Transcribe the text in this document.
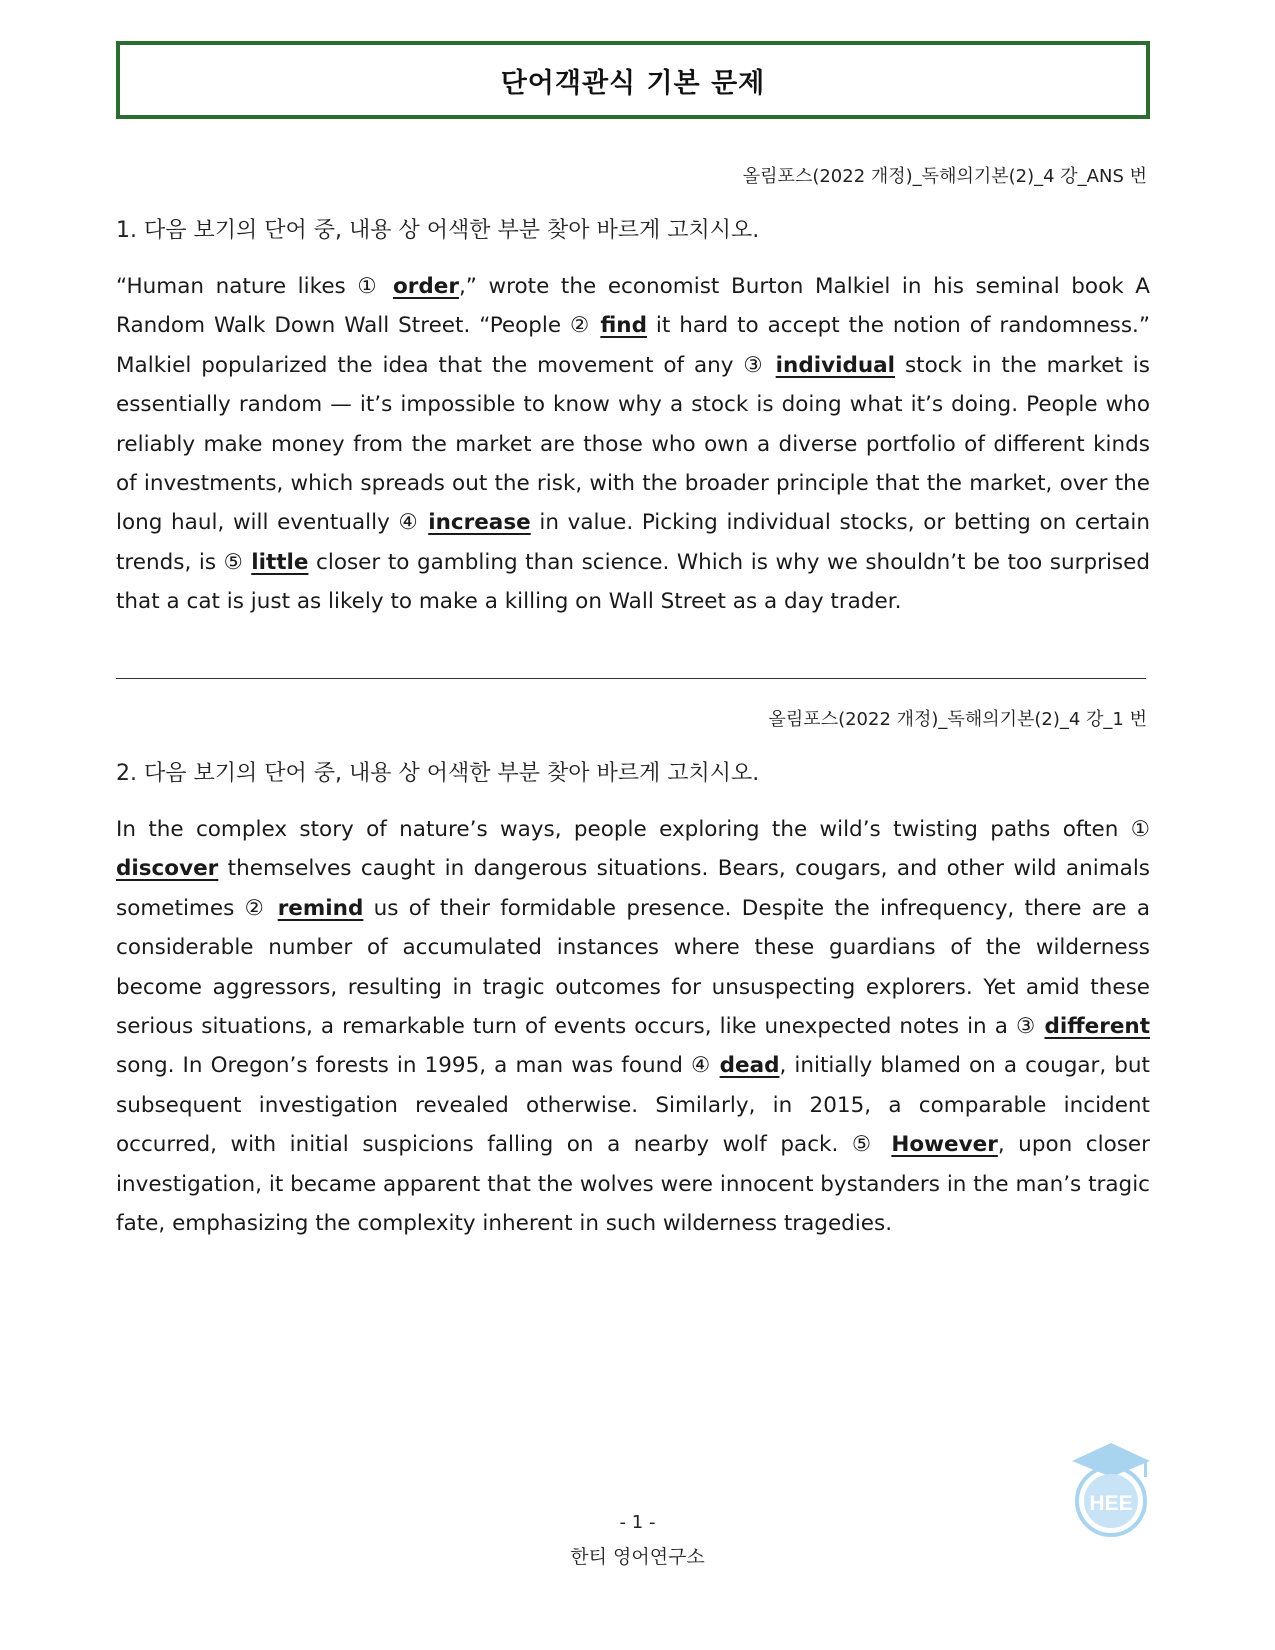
단어객관식 기본 문제
올림포스(2022 개정)_독해의기본(2)_4 강_ANS 번
1. 다음 보기의 단어 중, 내용 상 어색한 부분 찾아 바르게 고치시오.

“Human nature likes ① order,” wrote the economist Burton Malkiel in his seminal book A Random Walk Down Wall Street. “People ② find it hard to accept the notion of randomness.” Malkiel popularized the idea that the movement of any ③ individual stock in the market is essentially random — it’s impossible to know why a stock is doing what it’s doing. People who reliably make money from the market are those who own a diverse portfolio of different kinds of investments, which spreads out the risk, with the broader principle that the market, over the long haul, will eventually ④ increase in value. Picking individual stocks, or betting on certain trends, is ⑤ little closer to gambling than science. Which is why we shouldn’t be too surprised that a cat is just as likely to make a killing on Wall Street as a day trader.

올림포스(2022 개정)_독해의기본(2)_4 강_1 번
2. 다음 보기의 단어 중, 내용 상 어색한 부분 찾아 바르게 고치시오.

In the complex story of nature’s ways, people exploring the wild’s twisting paths often ① discover themselves caught in dangerous situations. Bears, cougars, and other wild animals sometimes ② remind us of their formidable presence. Despite the infrequency, there are a considerable number of accumulated instances where these guardians of the wilderness become aggressors, resulting in tragic outcomes for unsuspecting explorers. Yet amid these serious situations, a remarkable turn of events occurs, like unexpected notes in a ③ different song. In Oregon’s forests in 1995, a man was found ④ dead, initially blamed on a cougar, but subsequent investigation revealed otherwise. Similarly, in 2015, a comparable incident occurred, with initial suspicions falling on a nearby wolf pack. ⑤ However, upon closer investigation, it became apparent that the wolves were innocent bystanders in the man’s tragic fate, emphasizing the complexity inherent in such wilderness tragedies.

HEE
- 1 -
한티 영어연구소
